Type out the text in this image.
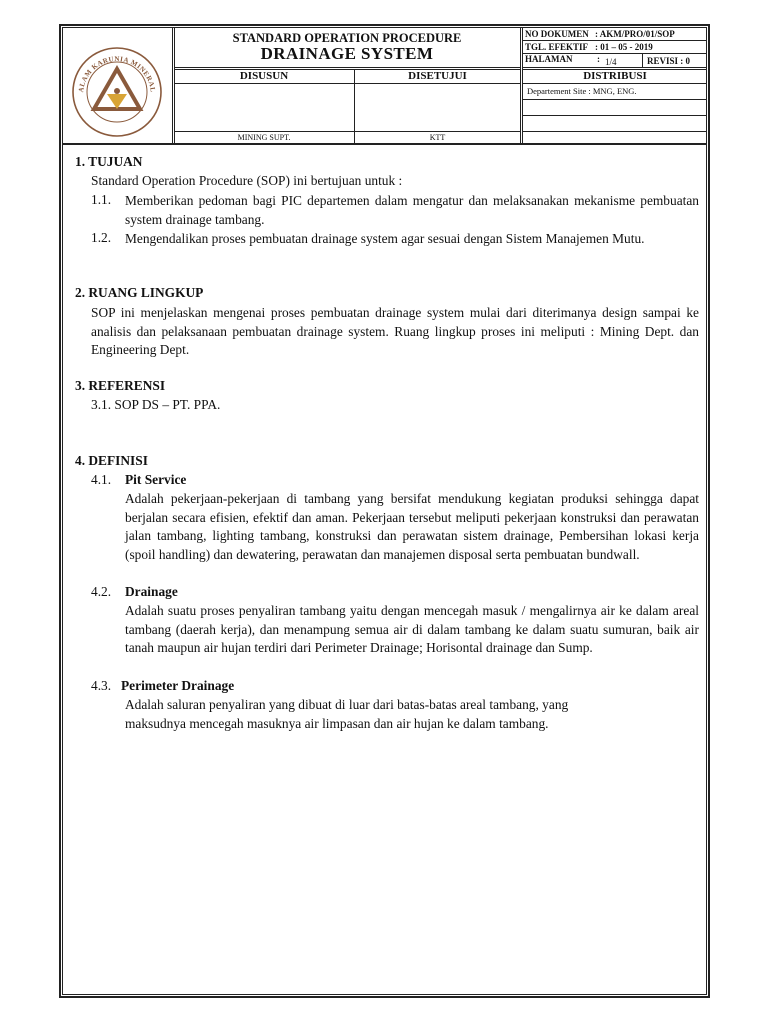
ALAM KARUNIA MINERAL
STANDARD OPERATION PROCEDURE
DRAINAGE SYSTEM
NO DOKUMEN : AKM/PRO/01/SOP
TGL. EFEKTIF : 01 – 05 - 2019
HALAMAN	: 1/4	REVISI : 0
DISUSUN	DISETUJUI	DISTRIBUSI
Departement Site : MNG, ENG.
MINING SUPT.	KTT
1. TUJUAN
Standard Operation Procedure (SOP) ini bertujuan untuk :
1.1. Memberikan pedoman bagi PIC departemen dalam mengatur dan melaksanakan mekanisme pembuatan system drainage tambang.
1.2. Mengendalikan proses pembuatan drainage system agar sesuai dengan Sistem Manajemen Mutu.
2. RUANG LINGKUP
SOP ini menjelaskan mengenai proses pembuatan drainage system mulai dari diterimanya design sampai ke analisis dan pelaksanaan pembuatan drainage system. Ruang lingkup proses ini meliputi : Mining Dept. dan Engineering Dept.
3. REFERENSI
3.1. SOP DS – PT. PPA.
4. DEFINISI
4.1. Pit Service
Adalah pekerjaan-pekerjaan di tambang yang bersifat mendukung kegiatan produksi sehingga dapat berjalan secara efisien, efektif dan aman. Pekerjaan tersebut meliputi pekerjaan konstruksi dan perawatan jalan tambang, lighting tambang, konstruksi dan perawatan sistem drainage, Pembersihan lokasi kerja (spoil handling) dan dewatering, perawatan dan manajemen disposal serta pembuatan bundwall.
4.2. Drainage
Adalah suatu proses penyaliran tambang yaitu dengan mencegah masuk / mengalirnya air ke dalam areal tambang (daerah kerja), dan menampung semua air di dalam tambang ke dalam suatu sumuran, baik air tanah maupun air hujan terdiri dari Perimeter Drainage; Horisontal drainage dan Sump.
4.3. Perimeter Drainage
Adalah saluran penyaliran yang dibuat di luar dari batas-batas areal tambang, yang maksudnya mencegah masuknya air limpasan dan air hujan ke dalam tambang.
